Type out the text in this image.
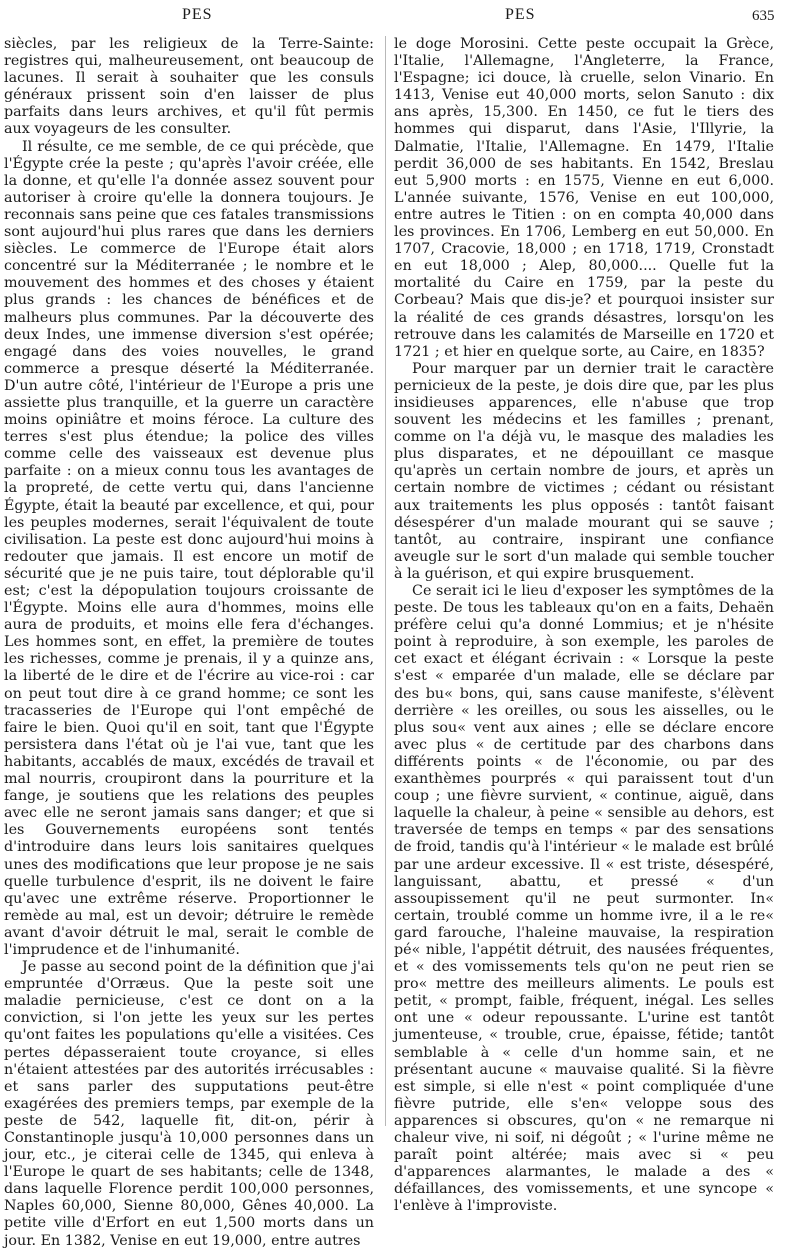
PES	PES	635

siècles, par les religieux de la Terre-Sainte: registres qui, malheureusement, ont beaucoup de lacunes. Il serait à souhaiter que les consuls généraux prissent soin d'en laisser de plus parfaits dans leurs archives, et qu'il fût permis aux voyageurs de les consulter.

Il résulte, ce me semble, de ce qui précède, que l'Égypte crée la peste ; qu'après l'avoir créée, elle la donne, et qu'elle l'a donnée assez souvent pour autoriser à croire qu'elle la donnera toujours. Je reconnais sans peine que ces fatales transmissions sont aujourd'hui plus rares que dans les derniers siècles. Le commerce de l'Europe était alors concentré sur la Méditerranée ; le nombre et le mouvement des hommes et des choses y étaient plus grands : les chances de bénéfices et de malheurs plus communes. Par la découverte des deux Indes, une immense diversion s'est opérée; engagé dans des voies nouvelles, le grand commerce a presque déserté la Méditerranée. D'un autre côté, l'intérieur de l'Europe a pris une assiette plus tranquille, et la guerre un caractère moins opiniâtre et moins féroce. La culture des terres s'est plus étendue; la police des villes comme celle des vaisseaux est devenue plus parfaite : on a mieux connu tous les avantages de la propreté, de cette vertu qui, dans l'ancienne Égypte, était la beauté par excellence, et qui, pour les peuples modernes, serait l'équivalent de toute civilisation. La peste est donc aujourd'hui moins à redouter que jamais. Il est encore un motif de sécurité que je ne puis taire, tout déplorable qu'il est; c'est la dépopulation toujours croissante de l'Égypte. Moins elle aura d'hommes, moins elle aura de produits, et moins elle fera d'échanges. Les hommes sont, en effet, la première de toutes les richesses, comme je prenais, il y a quinze ans, la liberté de le dire et de l'écrire au vice-roi : car on peut tout dire à ce grand homme; ce sont les tracasseries de l'Europe qui l'ont empêché de faire le bien. Quoi qu'il en soit, tant que l'Égypte persistera dans l'état où je l'ai vue, tant que les habitants, accablés de maux, excédés de travail et mal nourris, croupiront dans la pourriture et la fange, je soutiens que les relations des peuples avec elle ne seront jamais sans danger; et que si les Gouvernements européens sont tentés d'introduire dans leurs lois sanitaires quelques unes des modifications que leur propose je ne sais quelle turbulence d'esprit, ils ne doivent le faire qu'avec une extrême réserve. Proportionner le remède au mal, est un devoir; détruire le remède avant d'avoir détruit le mal, serait le comble de l'imprudence et de l'inhumanité.

Je passe au second point de la définition que j'ai empruntée d'Orræus. Que la peste soit une maladie pernicieuse, c'est ce dont on a la conviction, si l'on jette les yeux sur les pertes qu'ont faites les populations qu'elle a visitées. Ces pertes dépasseraient toute croyance, si elles n'étaient attestées par des autorités irrécusables : et sans parler des supputations peut-être exagérées des premiers temps, par exemple de la peste de 542, laquelle fit, dit-on, périr à Constantinople jusqu'à 10,000 personnes dans un jour, etc., je citerai celle de 1345, qui enleva à l'Europe le quart de ses habitants; celle de 1348, dans laquelle Florence perdit 100,000 personnes, Naples 60,000, Sienne 80,000, Gênes 40,000. La petite ville d'Erfort en eut 1,500 morts dans un jour. En 1382, Venise en eut 19,000, entre autres

le doge Morosini. Cette peste occupait la Grèce, l'Italie, l'Allemagne, l'Angleterre, la France, l'Espagne; ici douce, là cruelle, selon Vinario. En 1413, Venise eut 40,000 morts, selon Sanuto : dix ans après, 15,300. En 1450, ce fut le tiers des hommes qui disparut, dans l'Asie, l'Illyrie, la Dalmatie, l'Italie, l'Allemagne. En 1479, l'Italie perdit 36,000 de ses habitants. En 1542, Breslau eut 5,900 morts : en 1575, Vienne en eut 6,000. L'année suivante, 1576, Venise en eut 100,000, entre autres le Titien : on en compta 40,000 dans les provinces. En 1706, Lemberg en eut 50,000. En 1707, Cracovie, 18,000 ; en 1718, 1719, Cronstadt en eut 18,000 ; Alep, 80,000.... Quelle fut la mortalité du Caire en 1759, par la peste du Corbeau? Mais que dis-je? et pourquoi insister sur la réalité de ces grands désastres, lorsqu'on les retrouve dans les calamités de Marseille en 1720 et 1721 ; et hier en quelque sorte, au Caire, en 1835?

Pour marquer par un dernier trait le caractère pernicieux de la peste, je dois dire que, par les plus insidieuses apparences, elle n'abuse que trop souvent les médecins et les familles ; prenant, comme on l'a déjà vu, le masque des maladies les plus disparates, et ne dépouillant ce masque qu'après un certain nombre de jours, et après un certain nombre de victimes ; cédant ou résistant aux traitements les plus opposés : tantôt faisant désespérer d'un malade mourant qui se sauve ; tantôt, au contraire, inspirant une confiance aveugle sur le sort d'un malade qui semble toucher à la guérison, et qui expire brusquement.

Ce serait ici le lieu d'exposer les symptômes de la peste. De tous les tableaux qu'on en a faits, Dehaën préfère celui qu'a donné Lommius; et je n'hésite point à reproduire, à son exemple, les paroles de cet exact et élégant écrivain : « Lorsque la peste s'est « emparée d'un malade, elle se déclare par des bu« bons, qui, sans cause manifeste, s'élèvent derrière « les oreilles, ou sous les aisselles, ou le plus sou« vent aux aines ; elle se déclare encore avec plus « de certitude par des charbons dans différents points « de l'économie, ou par des exanthèmes pourprés « qui paraissent tout d'un coup ; une fièvre survient, « continue, aiguë, dans laquelle la chaleur, à peine « sensible au dehors, est traversée de temps en temps « par des sensations de froid, tandis qu'à l'intérieur « le malade est brûlé par une ardeur excessive. Il « est triste, désespéré, languissant, abattu, et pressé « d'un assoupissement qu'il ne peut surmonter. In« certain, troublé comme un homme ivre, il a le re« gard farouche, l'haleine mauvaise, la respiration pé« nible, l'appétit détruit, des nausées fréquentes, et « des vomissements tels qu'on ne peut rien se pro« mettre des meilleurs aliments. Le pouls est petit, « prompt, faible, fréquent, inégal. Les selles ont une « odeur repoussante. L'urine est tantôt jumenteuse, « trouble, crue, épaisse, fétide; tantôt semblable à « celle d'un homme sain, et ne présentant aucune « mauvaise qualité. Si la fièvre est simple, si elle n'est « point compliquée d'une fièvre putride, elle s'en« veloppe sous des apparences si obscures, qu'on « ne remarque ni chaleur vive, ni soif, ni dégoût ; « l'urine même ne paraît point altérée; mais avec si « peu d'apparences alarmantes, le malade a des « défaillances, des vomissements, et une syncope « l'enlève à l'improviste.
